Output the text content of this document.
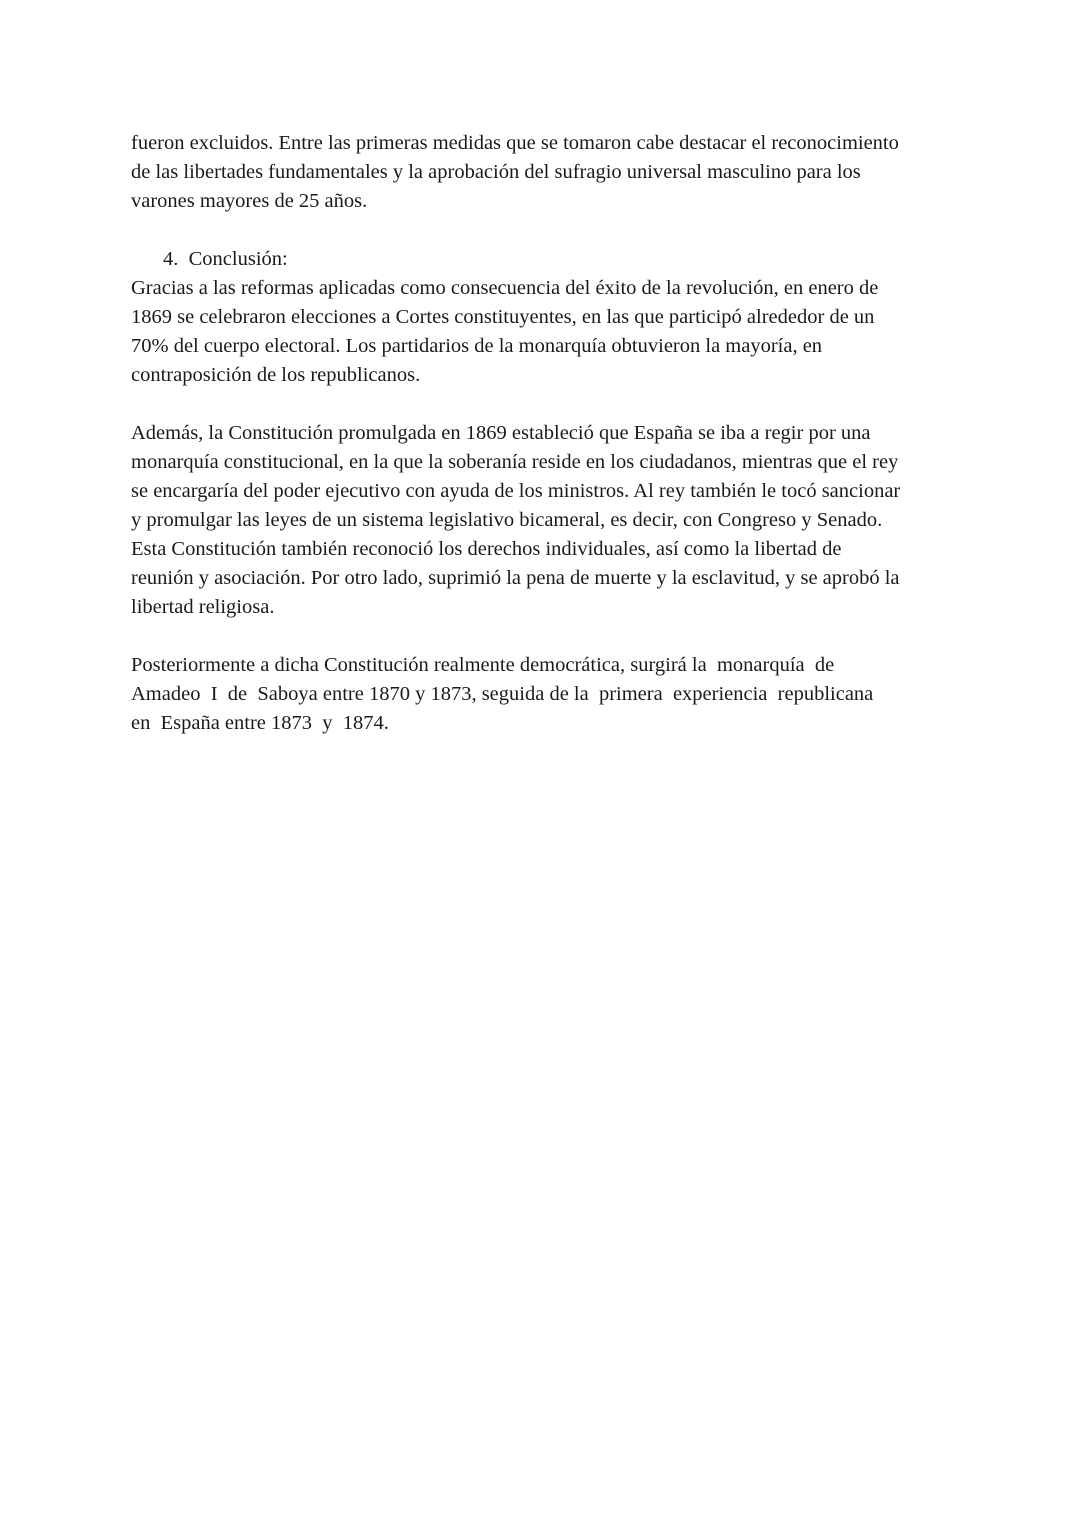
fueron excluidos. Entre las primeras medidas que se tomaron cabe destacar el reconocimiento
de las libertades fundamentales y la aprobación del sufragio universal masculino para los
varones mayores de 25 años.
4. Conclusión:
Gracias a las reformas aplicadas como consecuencia del éxito de la revolución, en enero de
1869 se celebraron elecciones a Cortes constituyentes, en las que participó alrededor de un
70% del cuerpo electoral. Los partidarios de la monarquía obtuvieron la mayoría, en
contraposición de los republicanos.
Además, la Constitución promulgada en 1869 estableció que España se iba a regir por una
monarquía constitucional, en la que la soberanía reside en los ciudadanos, mientras que el rey
se encargaría del poder ejecutivo con ayuda de los ministros. Al rey también le tocó sancionar
y promulgar las leyes de un sistema legislativo bicameral, es decir, con Congreso y Senado.
Esta Constitución también reconoció los derechos individuales, así como la libertad de
reunión y asociación. Por otro lado, suprimió la pena de muerte y la esclavitud, y se aprobó la
libertad religiosa.
Posteriormente a dicha Constitución realmente democrática, surgirá la  monarquía  de
Amadeo  I  de  Saboya entre 1870 y 1873, seguida de la  primera  experiencia  republicana
en  España entre 1873  y  1874.
